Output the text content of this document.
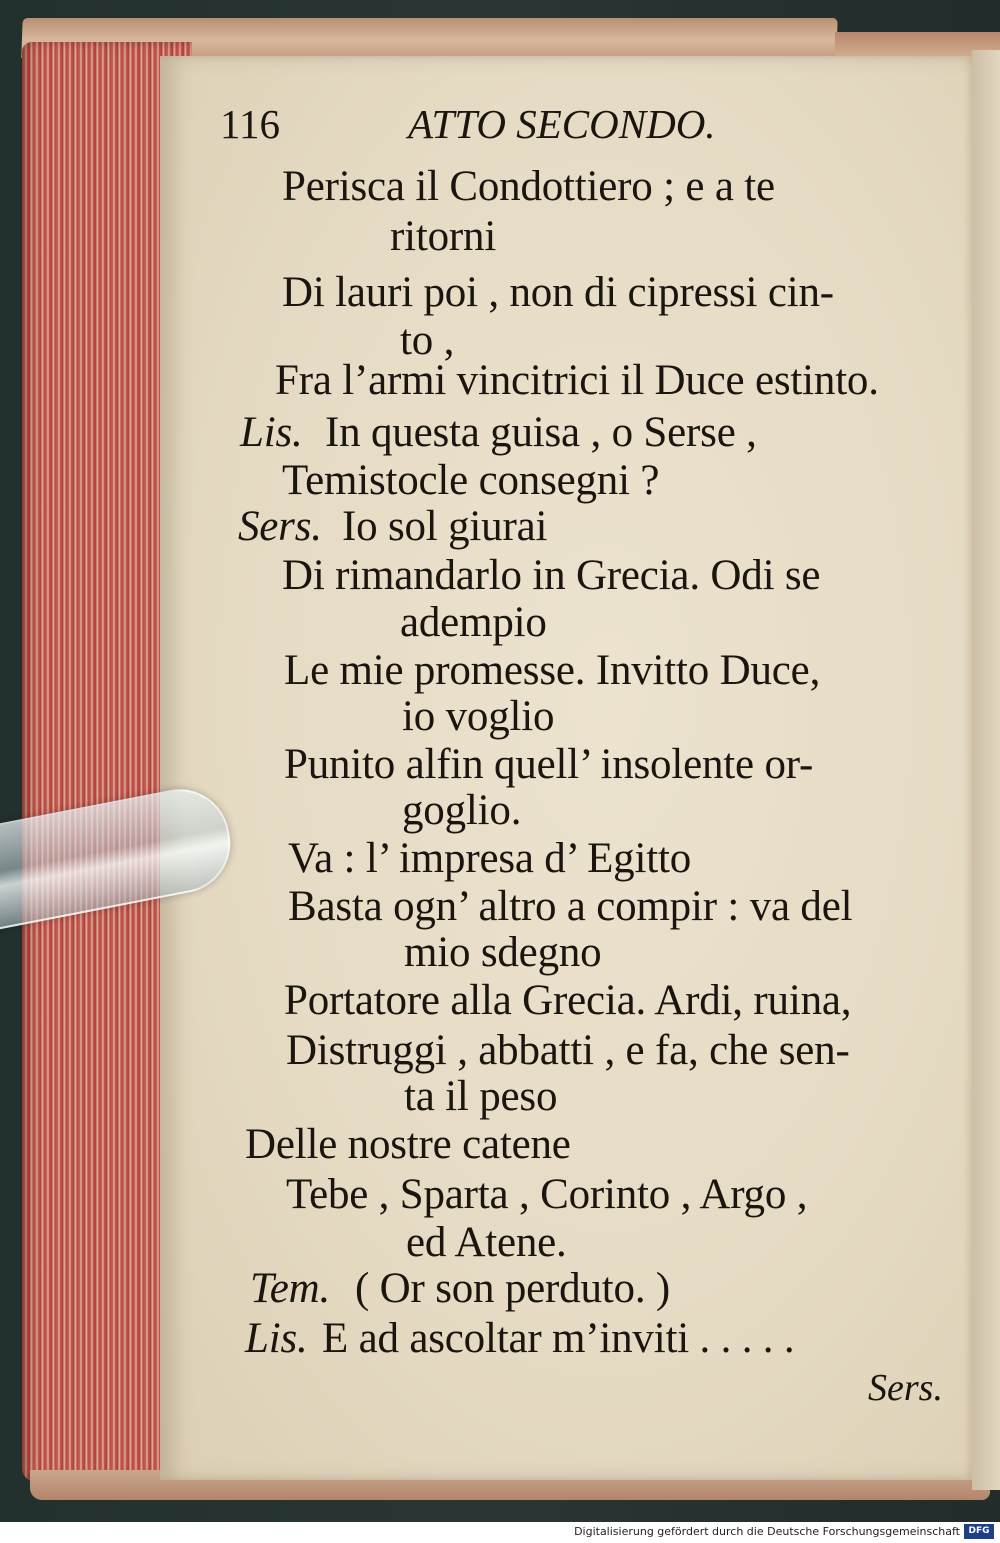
116	ATTO SECONDO.
Perisca il Condottiero ; e a te
ritorni
Di lauri poi , non di cipressi cin-
to ,
Fra l’armi vincitrici il Duce estinto.
Lis. In questa guisa , o Serse ,
Temistocle consegni ?
Sers. Io sol giurai
Di rimandarlo in Grecia. Odi se
adempio
Le mie promesse. Invitto Duce,
io voglio
Punito alfin quell’ insolente or-
goglio.
Va : l’ impresa d’ Egitto
Basta ogn’ altro a compir : va del
mio sdegno
Portatore alla Grecia. Ardi, ruina,
Distruggi , abbatti , e fa, che sen-
ta il peso
Delle nostre catene
Tebe , Sparta , Corinto , Argo ,
ed Atene.
Tem. ( Or son perduto. )
Lis. E ad ascoltar m’inviti . . . . .
Sers.
Digitalisierung gefördert durch die Deutsche Forschungsgemeinschaft DFG
